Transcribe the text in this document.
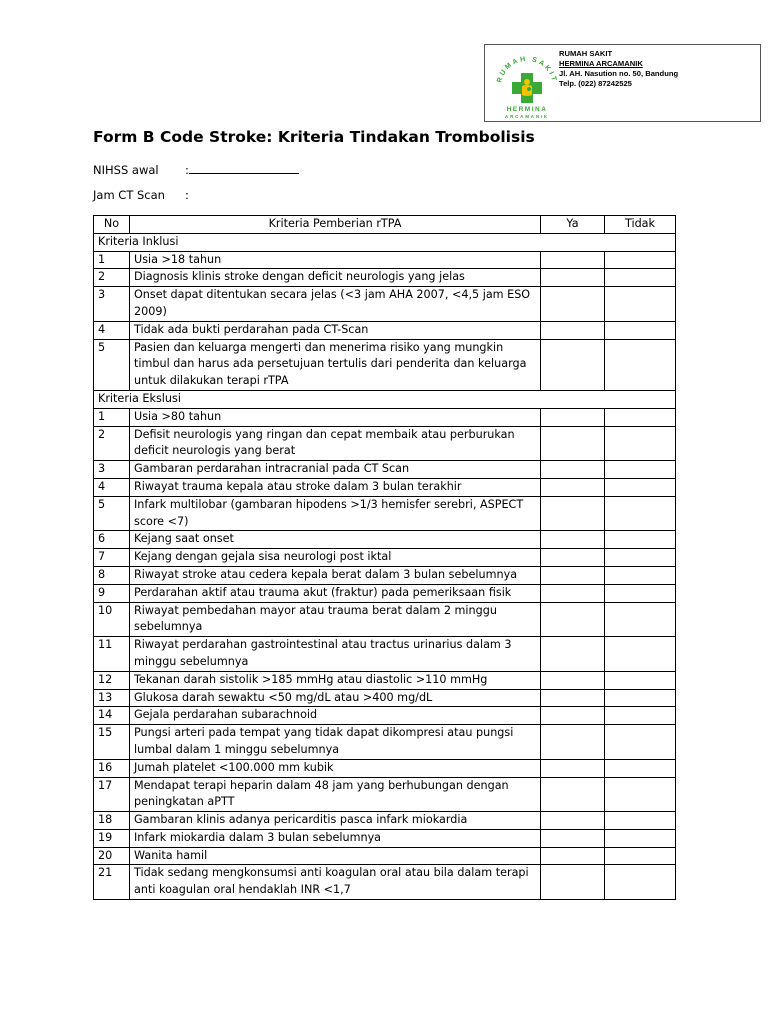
RUMAH SAKIT
HERMINA
ARCAMANIK
RUMAH SAKIT
HERMINA ARCAMANIK
Jl. AH. Nasution no. 50, Bandung
Telp. (022) 87242525
Form B Code Stroke: Kriteria Tindakan Trombolisis
NIHSS awal :
Jam CT Scan :
No	Kriteria Pemberian rTPA	Ya	Tidak
Kriteria Inklusi			
1	Usia >18 tahun		
2	Diagnosis klinis stroke dengan deficit neurologis yang jelas		
3	Onset dapat ditentukan secara jelas (<3 jam AHA 2007, <4,5 jam ESO 2009)		
4	Tidak ada bukti perdarahan pada CT-Scan		
5	Pasien dan keluarga mengerti dan menerima risiko yang mungkin timbul dan harus ada persetujuan tertulis dari penderita dan keluarga untuk dilakukan terapi rTPA		
Kriteria Ekslusi			
1	Usia >80 tahun		
2	Defisit neurologis yang ringan dan cepat membaik atau perburukan deficit neurologis yang berat		
3	Gambaran perdarahan intracranial pada CT Scan		
4	Riwayat trauma kepala atau stroke dalam 3 bulan terakhir		
5	Infark multilobar (gambaran hipodens >1/3 hemisfer serebri, ASPECT score <7)		
6	Kejang saat onset		
7	Kejang dengan gejala sisa neurologi post iktal		
8	Riwayat stroke atau cedera kepala berat dalam 3 bulan sebelumnya		
9	Perdarahan aktif atau trauma akut (fraktur) pada pemeriksaan fisik		
10	Riwayat pembedahan mayor atau trauma berat dalam 2 minggu sebelumnya		
11	Riwayat perdarahan gastrointestinal atau tractus urinarius dalam 3 minggu sebelumnya		
12	Tekanan darah sistolik >185 mmHg atau diastolic >110 mmHg		
13	Glukosa darah sewaktu <50 mg/dL atau >400 mg/dL		
14	Gejala perdarahan subarachnoid		
15	Pungsi arteri pada tempat yang tidak dapat dikompresi atau pungsi lumbal dalam 1 minggu sebelumnya		
16	Jumah platelet <100.000 mm kubik		
17	Mendapat terapi heparin dalam 48 jam yang berhubungan dengan peningkatan aPTT		
18	Gambaran klinis adanya pericarditis pasca infark miokardia		
19	Infark miokardia dalam 3 bulan sebelumnya		
20	Wanita hamil		
21	Tidak sedang mengkonsumsi anti koagulan oral atau bila dalam terapi anti koagulan oral hendaklah INR <1,7		
